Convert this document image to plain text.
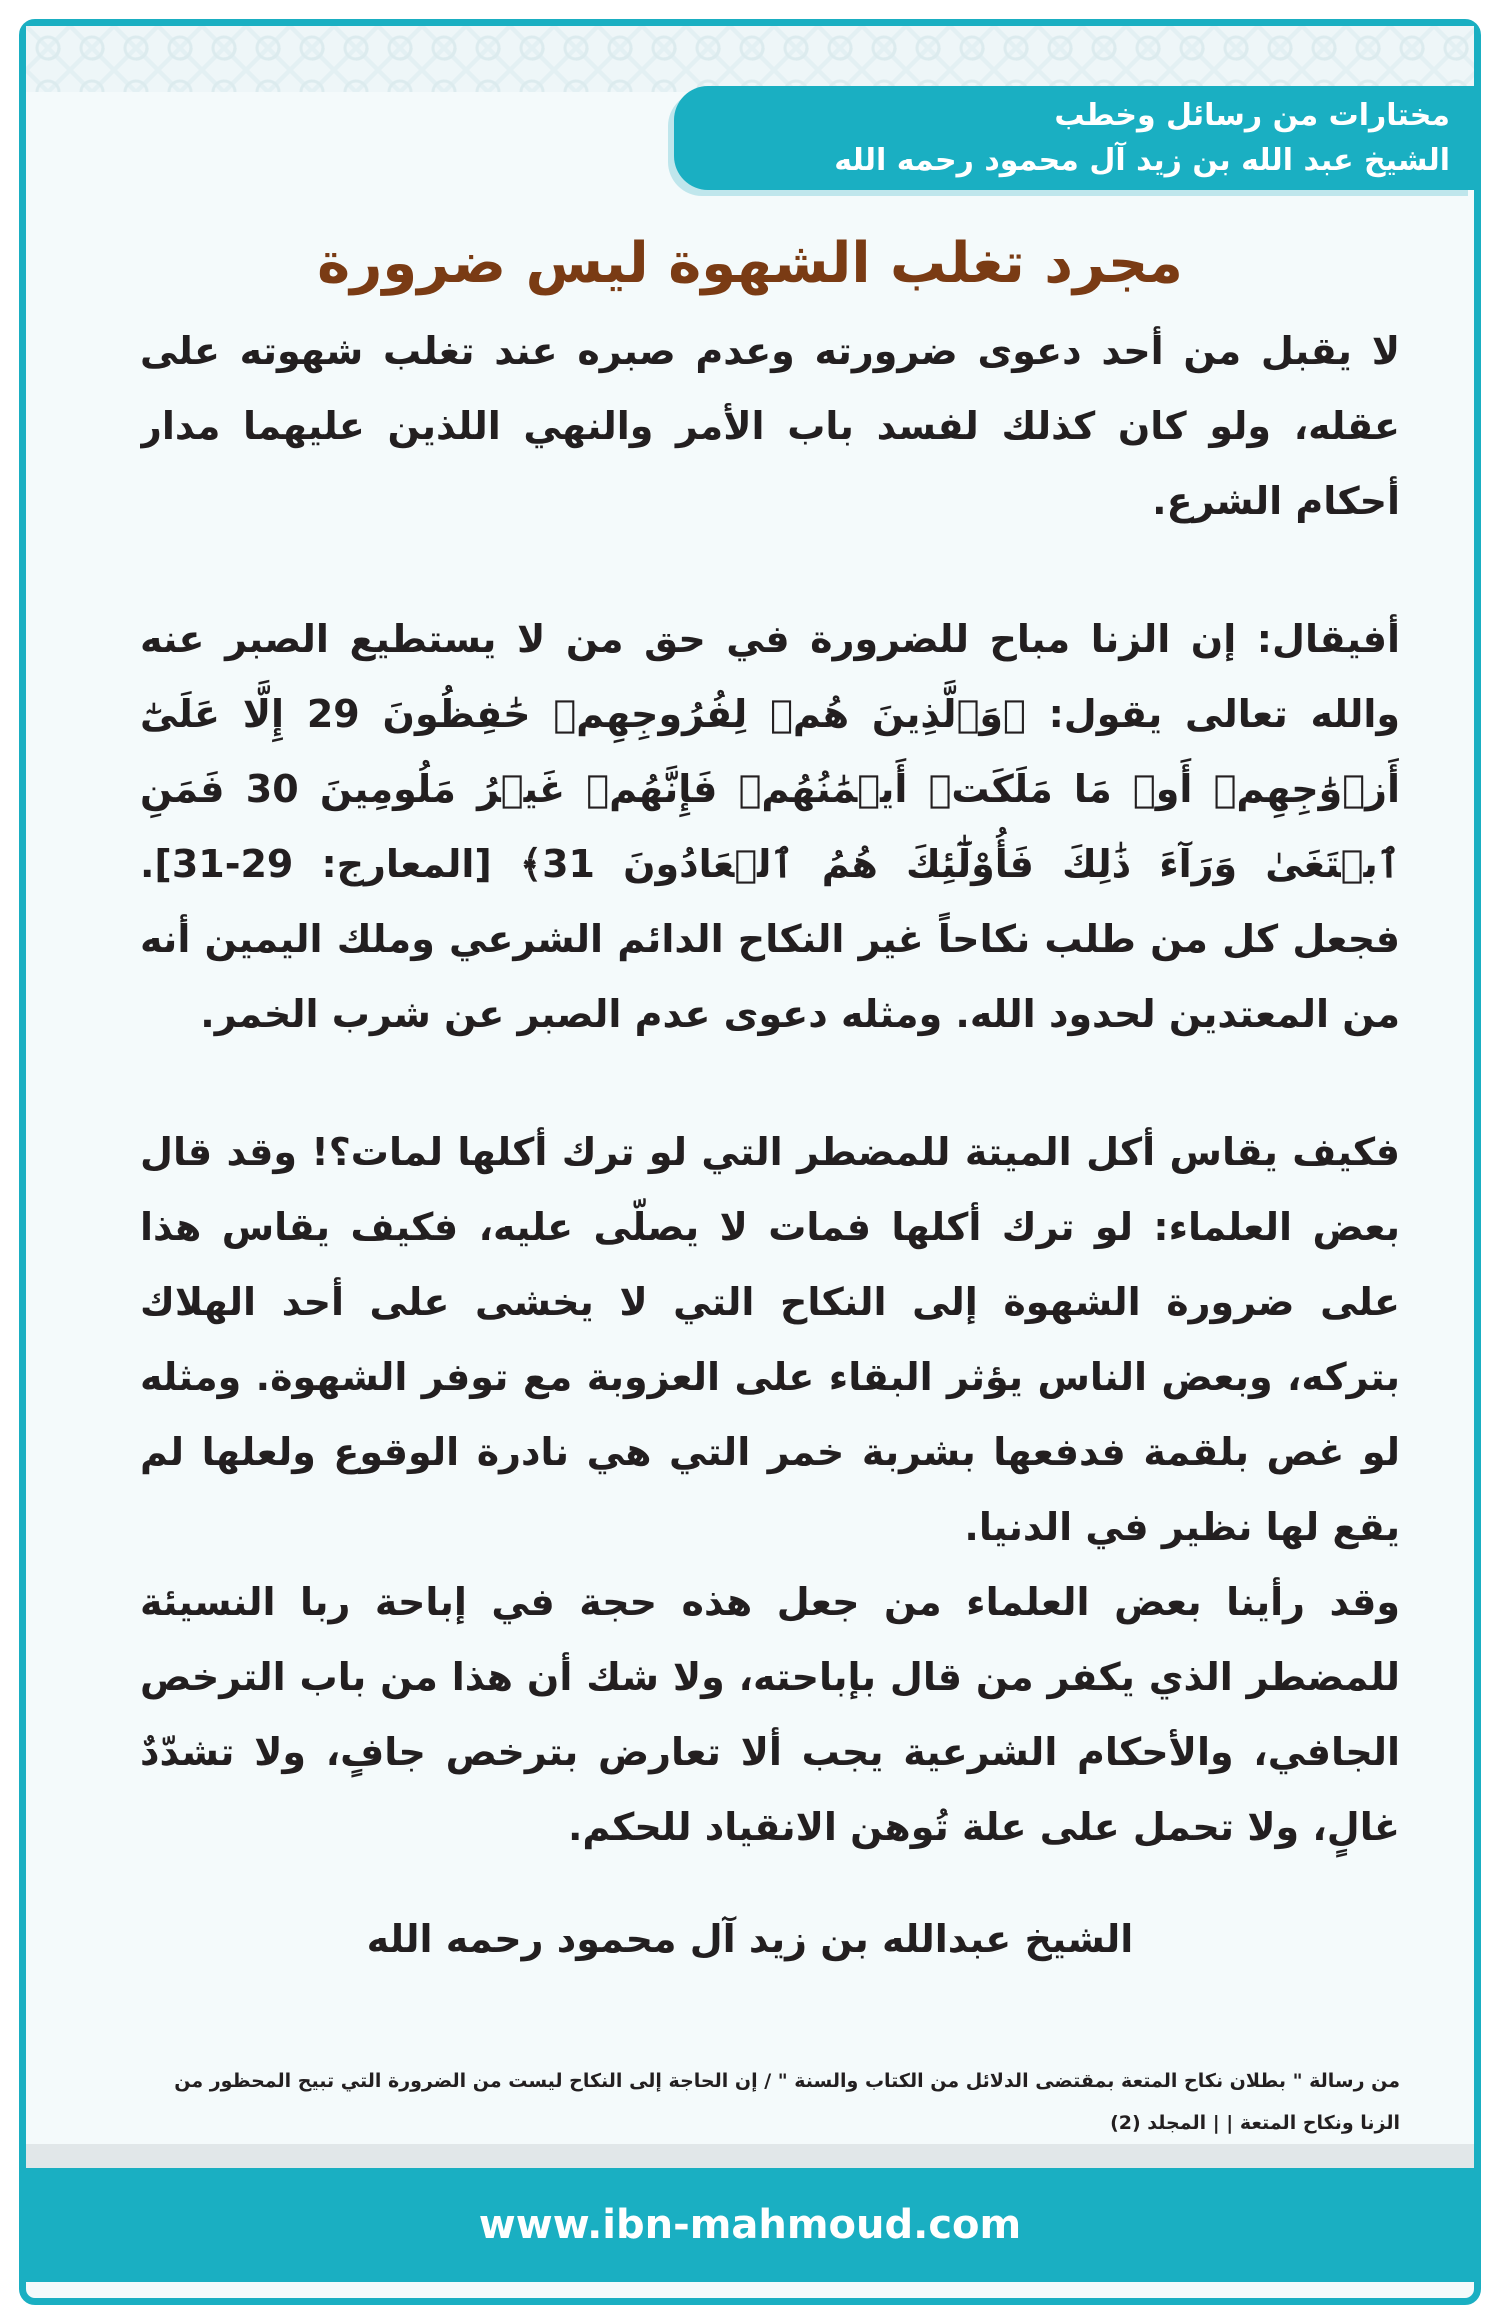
مختارات من رسائل وخطب
الشيخ عبد الله بن زيد آل محمود رحمه الله
مجرد تغلب الشهوة ليس ضرورة

لا يقبل من أحد دعوى ضرورته وعدم صبره عند تغلب شهوته على عقله، ولو كان كذلك لفسد باب الأمر والنهي اللذين عليهما مدار أحكام الشرع.

أفيقال: إن الزنا مباح للضرورة في حق من لا يستطيع الصبر عنه والله تعالى يقول: ﴿وَٱلَّذِينَ هُمۡ لِفُرُوجِهِمۡ حَٰفِظُونَ 29 إِلَّا عَلَىٰٓ أَزۡوَٰجِهِمۡ أَوۡ مَا مَلَكَتۡ أَيۡمَٰنُهُمۡ فَإِنَّهُمۡ غَيۡرُ مَلُومِينَ 30 فَمَنِ ٱبۡتَغَىٰ وَرَآءَ ذَٰلِكَ فَأُوْلَٰٓئِكَ هُمُ ٱلۡعَادُونَ 31﴾ [المعارج: 29-31]. فجعل كل من طلب نكاحاً غير النكاح الدائم الشرعي وملك اليمين أنه من المعتدين لحدود الله. ومثله دعوى عدم الصبر عن شرب الخمر.

فكيف يقاس أكل الميتة للمضطر التي لو ترك أكلها لمات؟! وقد قال بعض العلماء: لو ترك أكلها فمات لا يصلّى عليه، فكيف يقاس هذا على ضرورة الشهوة إلى النكاح التي لا يخشى على أحد الهلاك بتركه، وبعض الناس يؤثر البقاء على العزوبة مع توفر الشهوة. ومثله لو غص بلقمة فدفعها بشربة خمر التي هي نادرة الوقوع ولعلها لم يقع لها نظير في الدنيا.

وقد رأينا بعض العلماء من جعل هذه حجة في إباحة ربا النسيئة للمضطر الذي يكفر من قال بإباحته، ولا شك أن هذا من باب الترخص الجافي، والأحكام الشرعية يجب ألا تعارض بترخص جافٍ، ولا تشدّدٌ غالٍ، ولا تحمل على علة تُوهن الانقياد للحكم.

الشيخ عبدالله بن زيد آل محمود رحمه الله
من رسالة " بطلان نكاح المتعة بمقتضى الدلائل من الكتاب والسنة " / إن الحاجة إلى النكاح ليست من الضرورة التي تبيح المحظور من الزنا ونكاح المتعة | | المجلد (2)
www.ibn-mahmoud.com
